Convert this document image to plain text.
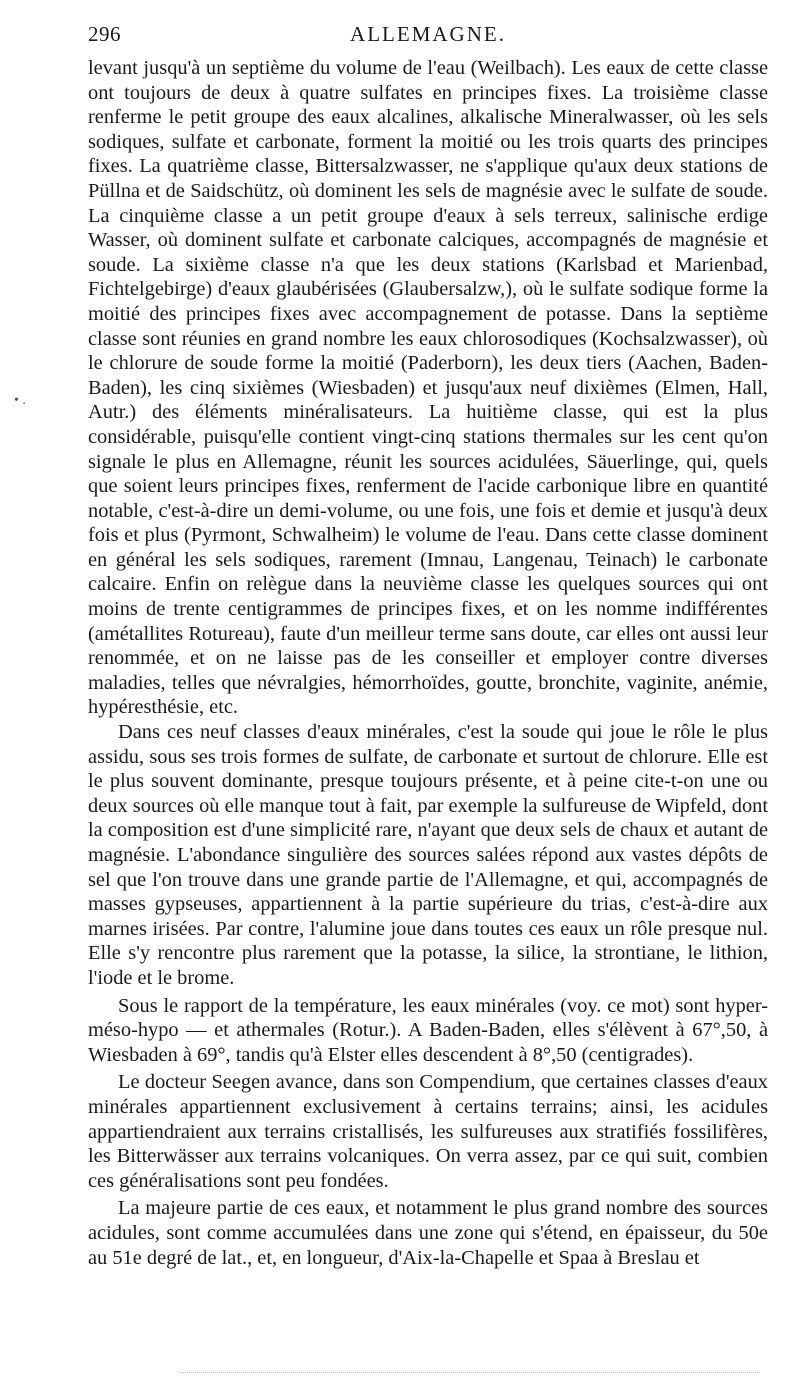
296	ALLEMAGNE.
• .

levant jusqu'à un septième du volume de l'eau (Weilbach). Les eaux de cette classe ont toujours de deux à quatre sulfates en principes fixes. La troisième classe renferme le petit groupe des eaux alcalines, alkalische Mineralwasser, où les sels sodiques, sulfate et carbonate, forment la moitié ou les trois quarts des principes fixes. La quatrième classe, Bittersalzwasser, ne s'applique qu'aux deux stations de Püllna et de Saidschütz, où dominent les sels de magnésie avec le sulfate de soude. La cinquième classe a un petit groupe d'eaux à sels terreux, salinische erdige Wasser, où dominent sulfate et carbonate calciques, accompagnés de magnésie et soude. La sixième classe n'a que les deux stations (Karlsbad et Marienbad, Fichtelgebirge) d'eaux glaubérisées (Glaubersalzw,), où le sulfate sodique forme la moitié des principes fixes avec accompagnement de potasse. Dans la septième classe sont réunies en grand nombre les eaux chlorosodiques (Kochsalzwasser), où le chlorure de soude forme la moitié (Paderborn), les deux tiers (Aachen, Baden-Baden), les cinq sixièmes (Wiesbaden) et jusqu'aux neuf dixièmes (Elmen, Hall, Autr.) des éléments minéralisateurs. La huitième classe, qui est la plus considérable, puisqu'elle contient vingt-cinq stations thermales sur les cent qu'on signale le plus en Allemagne, réunit les sources acidulées, Säuerlinge, qui, quels que soient leurs principes fixes, renferment de l'acide carbonique libre en quantité notable, c'est-à-dire un demi-volume, ou une fois, une fois et demie et jusqu'à deux fois et plus (Pyrmont, Schwalheim) le volume de l'eau. Dans cette classe dominent en général les sels sodiques, rarement (Imnau, Langenau, Teinach) le carbonate calcaire. Enfin on relègue dans la neuvième classe les quelques sources qui ont moins de trente centigrammes de principes fixes, et on les nomme indifférentes (amétallites Rotureau), faute d'un meilleur terme sans doute, car elles ont aussi leur renommée, et on ne laisse pas de les conseiller et employer contre diverses maladies, telles que névralgies, hémorrhoïdes, goutte, bronchite, vaginite, anémie, hypéresthésie, etc.

Dans ces neuf classes d'eaux minérales, c'est la soude qui joue le rôle le plus assidu, sous ses trois formes de sulfate, de carbonate et surtout de chlorure. Elle est le plus souvent dominante, presque toujours présente, et à peine cite-t-on une ou deux sources où elle manque tout à fait, par exemple la sulfureuse de Wipfeld, dont la composition est d'une simplicité rare, n'ayant que deux sels de chaux et autant de magnésie. L'abondance singulière des sources salées répond aux vastes dépôts de sel que l'on trouve dans une grande partie de l'Allemagne, et qui, accompagnés de masses gypseuses, appartiennent à la partie supérieure du trias, c'est-à-dire aux marnes irisées. Par contre, l'alumine joue dans toutes ces eaux un rôle presque nul. Elle s'y rencontre plus rarement que la potasse, la silice, la strontiane, le lithion, l'iode et le brome.

Sous le rapport de la température, les eaux minérales (voy. ce mot) sont hyper-méso-hypo — et athermales (Rotur.). A Baden-Baden, elles s'élèvent à 67°,50, à Wiesbaden à 69°, tandis qu'à Elster elles descendent à 8°,50 (centigrades).

Le docteur Seegen avance, dans son Compendium, que certaines classes d'eaux minérales appartiennent exclusivement à certains terrains; ainsi, les acidules appartiendraient aux terrains cristallisés, les sulfureuses aux stratifiés fossilifères, les Bitterwässer aux terrains volcaniques. On verra assez, par ce qui suit, combien ces généralisations sont peu fondées.

La majeure partie de ces eaux, et notamment le plus grand nombre des sources acidules, sont comme accumulées dans une zone qui s'étend, en épaisseur, du 50e au 51e degré de lat., et, en longueur, d'Aix-la-Chapelle et Spaa à Breslau et
